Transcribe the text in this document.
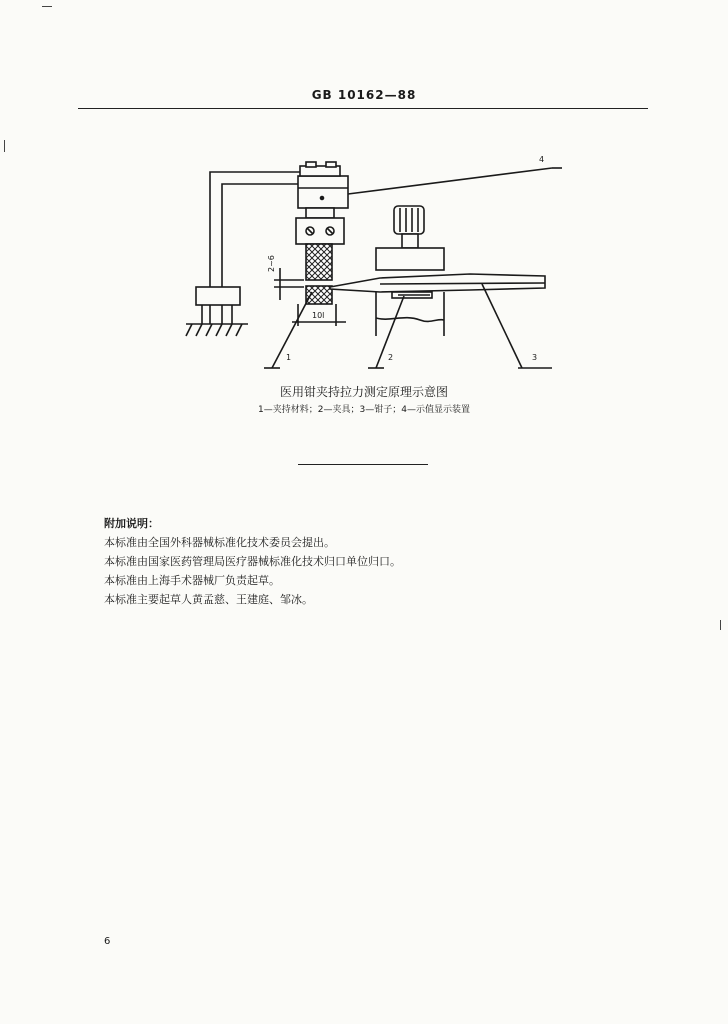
GB 10162—88
4
1	2	3
2~6
10l
医用钳夹持拉力测定原理示意图
1—夹持材料；2—夹具；3—钳子；4—示值显示装置
附加说明：
本标准由全国外科器械标准化技术委员会提出。
本标准由国家医药管理局医疗器械标准化技术归口单位归口。
本标准由上海手术器械厂负责起草。
本标准主要起草人黄孟慈、王建庭、邹冰。
6
